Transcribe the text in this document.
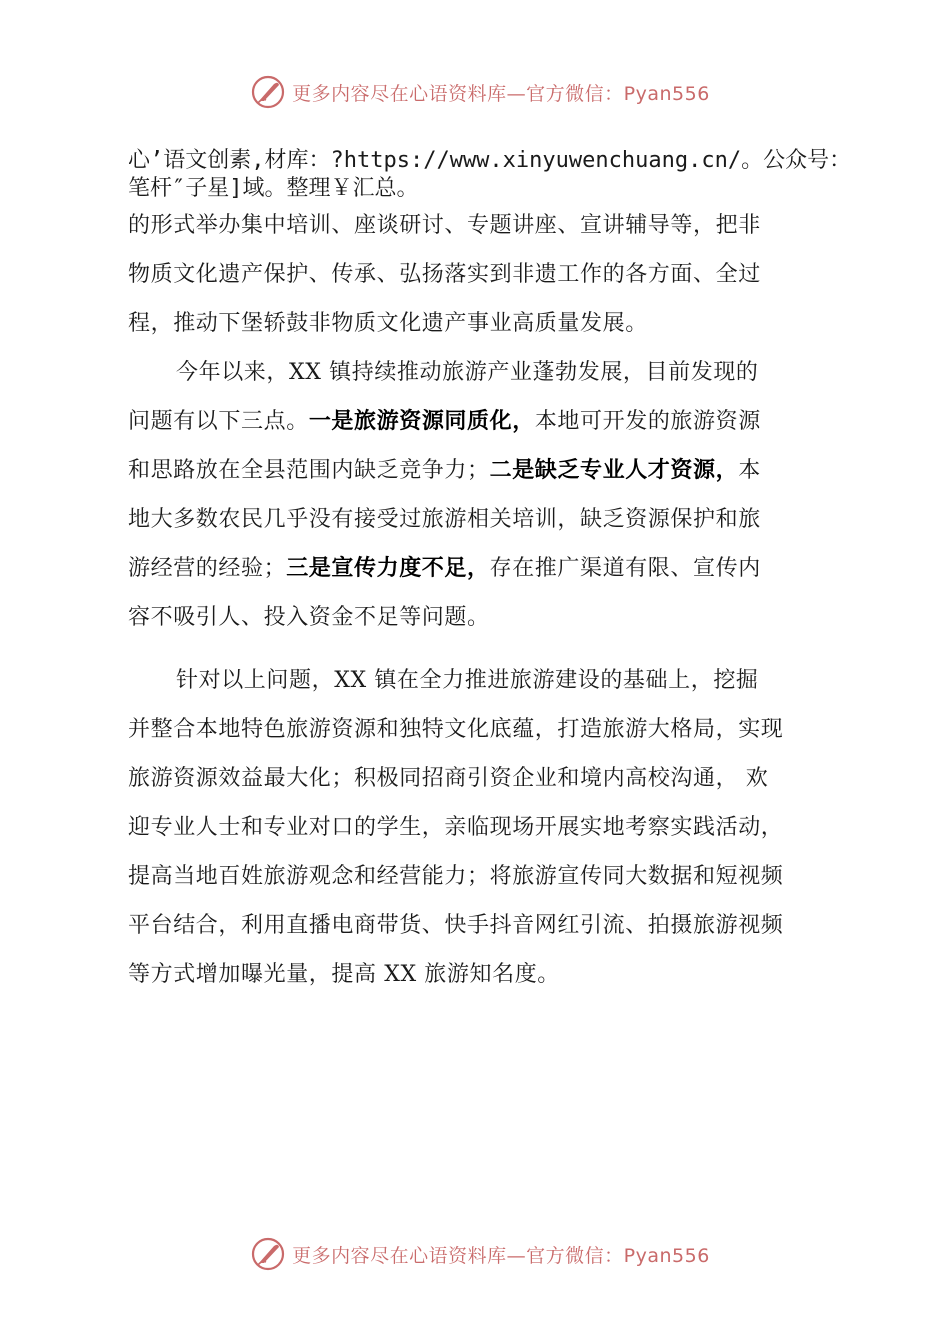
更多内容尽在心语资料库—官方微信：Pyan556
心’语文创素,材库：?https://www.xinyuwenchuang.cn/。公众号：
笔杆″子星]域。整理￥汇总。
的形式举办集中培训、座谈研讨、专题讲座、宣讲辅导等，把非
物质文化遗产保护、传承、弘扬落实到非遗工作的各方面、全过
程，推动下堡轿鼓非物质文化遗产事业高质量发展。
今年以来，XX 镇持续推动旅游产业蓬勃发展，目前发现的
问题有以下三点。一是旅游资源同质化，本地可开发的旅游资源
和思路放在全县范围内缺乏竞争力；二是缺乏专业人才资源，本
地大多数农民几乎没有接受过旅游相关培训，缺乏资源保护和旅
游经营的经验；三是宣传力度不足，存在推广渠道有限、宣传内
容不吸引人、投入资金不足等问题。
针对以上问题，XX 镇在全力推进旅游建设的基础上，挖掘
并整合本地特色旅游资源和独特文化底蕴，打造旅游大格局，实现
旅游资源效益最大化；积极同招商引资企业和境内高校沟通， 欢
迎专业人士和专业对口的学生，亲临现场开展实地考察实践活动，
提高当地百姓旅游观念和经营能力；将旅游宣传同大数据和短视频
平台结合，利用直播电商带货、快手抖音网红引流、拍摄旅游视频
等方式增加曝光量，提高 XX 旅游知名度。
更多内容尽在心语资料库—官方微信：Pyan556
